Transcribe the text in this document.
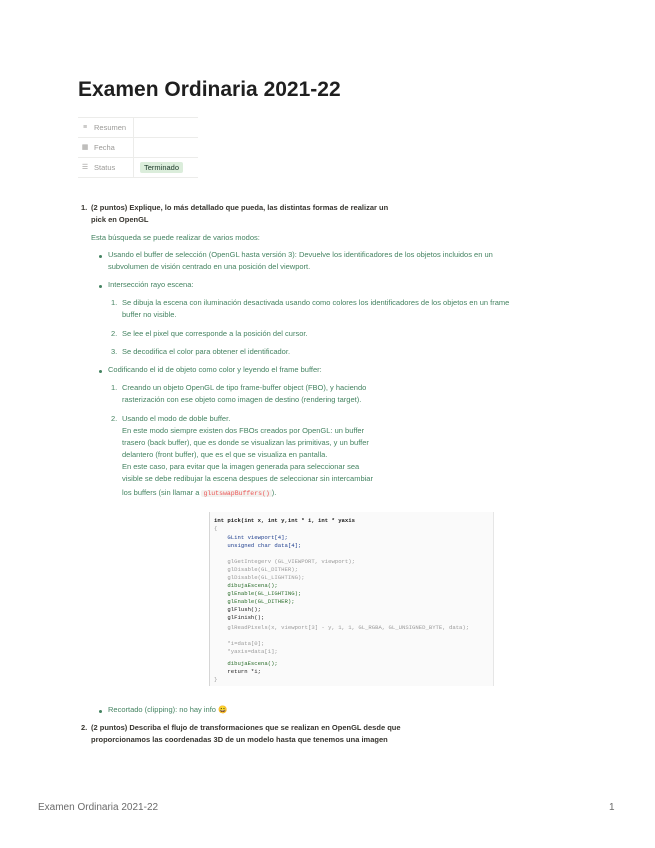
Examen Ordinaria 2021-22
≡ Resumen
▦ Fecha
☰ Status	Terminado
1. (2 puntos) Explique, lo más detallado que pueda, las distintas formas de realizar un
pick en OpenGL
Esta búsqueda se puede realizar de varios modos:
Usando el buffer de selección (OpenGL hasta versión 3): Devuelve los identificadores de los objetos incluidos en un
subvolumen de visión centrado en una posición del viewport.
Intersección rayo escena:
1. Se dibuja la escena con iluminación desactivada usando como colores los identificadores de los objetos en un frame
buffer no visible.
2. Se lee el pixel que corresponde a la posición del cursor.
3. Se decodifica el color para obtener el identificador.
Codificando el id de objeto como color y leyendo el frame buffer:
1. Creando un objeto OpenGL de tipo frame-buffer object (FBO), y haciendo
rasterización con ese objeto como imagen de destino (rendering target).
2. Usando el modo de doble buffer.
En este modo siempre existen dos FBOs creados por OpenGL: un buffer
trasero (back buffer), que es donde se visualizan las primitivas, y un buffer
delantero (front buffer), que es el que se visualiza en pantalla.
En este caso, para evitar que la imagen generada para seleccionar sea
visible se debe redibujar la escena despues de seleccionar sin intercambiar
los buffers (sin llamar a glutswapBuffers() ).
int pick(int x, int y,int * i, int * yaxis
{
GLint viewport[4];
unsigned char data[4];
glGetIntegerv (GL_VIEWPORT, viewport);
glDisable(GL_DITHER);
glDisable(GL_LIGHTING);
dibujaEscena();
glEnable(GL_LIGHTING);
glEnable(GL_DITHER);
glFlush();
glFinish();
glReadPixels(x, viewport[3] - y, 1, 1, GL_RGBA, GL_UNSIGNED_BYTE, data);
*i=data[0];
*yaxis=data[1];
dibujaEscena();
return *i;
}
Recortado (clipping): no hay info 😀
2. (2 puntos) Describa el flujo de transformaciones que se realizan en OpenGL desde que
proporcionamos las coordenadas 3D de un modelo hasta que tenemos una imagen
Examen Ordinaria 2021-22	1
